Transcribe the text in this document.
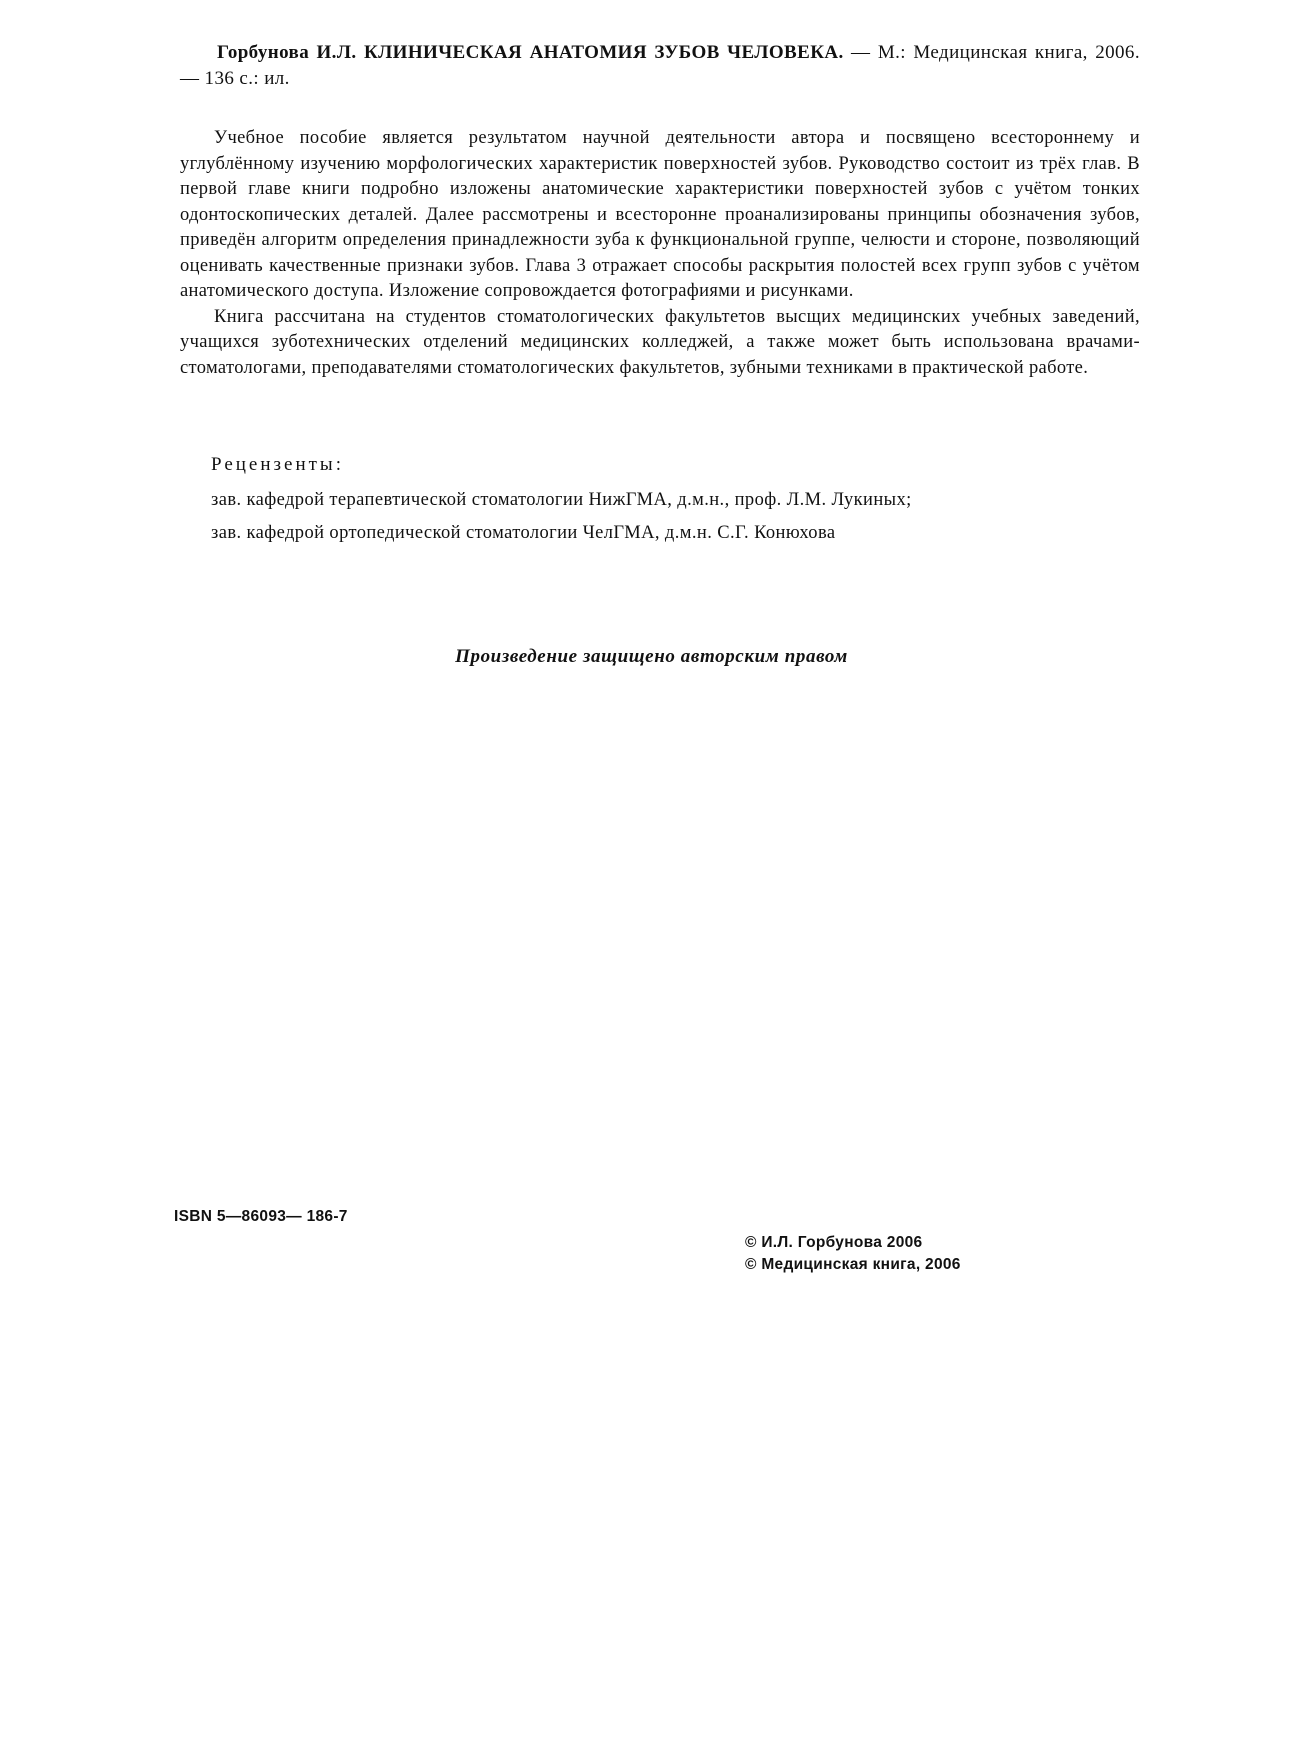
Горбунова И.Л. КЛИНИЧЕСКАЯ АНАТОМИЯ ЗУБОВ ЧЕЛОВЕКА. — М.: Медицинская книга, 2006. — 136 с.: ил.

Учебное пособие является результатом научной деятельности автора и посвящено всестороннему и углублённому изучению морфологических характеристик поверхностей зубов. Руководство состоит из трёх глав. В первой главе книги подробно изложены анатомические характеристики поверхностей зубов с учётом тонких одонтоскопических деталей. Далее рассмотрены и всесторонне проанализированы принципы обозначения зубов, приведён алгоритм определения принадлежности зуба к функциональной группе, челюсти и стороне, позволяющий оценивать качественные признаки зубов. Глава 3 отражает способы раскрытия полостей всех групп зубов с учётом анатомического доступа. Изложение сопровождается фотографиями и рисунками.

Книга рассчитана на студентов стоматологических факультетов высщих медицинских учебных заведений, учащихся зуботехнических отделений медицинских колледжей, а также может быть использована врачами-стоматологами, преподавателями стоматологических факультетов, зубными техниками в практической работе.

Рецензенты:

зав. кафедрой терапевтической стоматологии НижГМА, д.м.н., проф. Л.М. Лукиных;

зав. кафедрой ортопедической стоматологии ЧелГМА, д.м.н. С.Г. Конюхова

Произведение защищено авторским правом

ISBN 5—86093— 186-7

© И.Л. Горбунова 2006
© Медицинская книга, 2006
